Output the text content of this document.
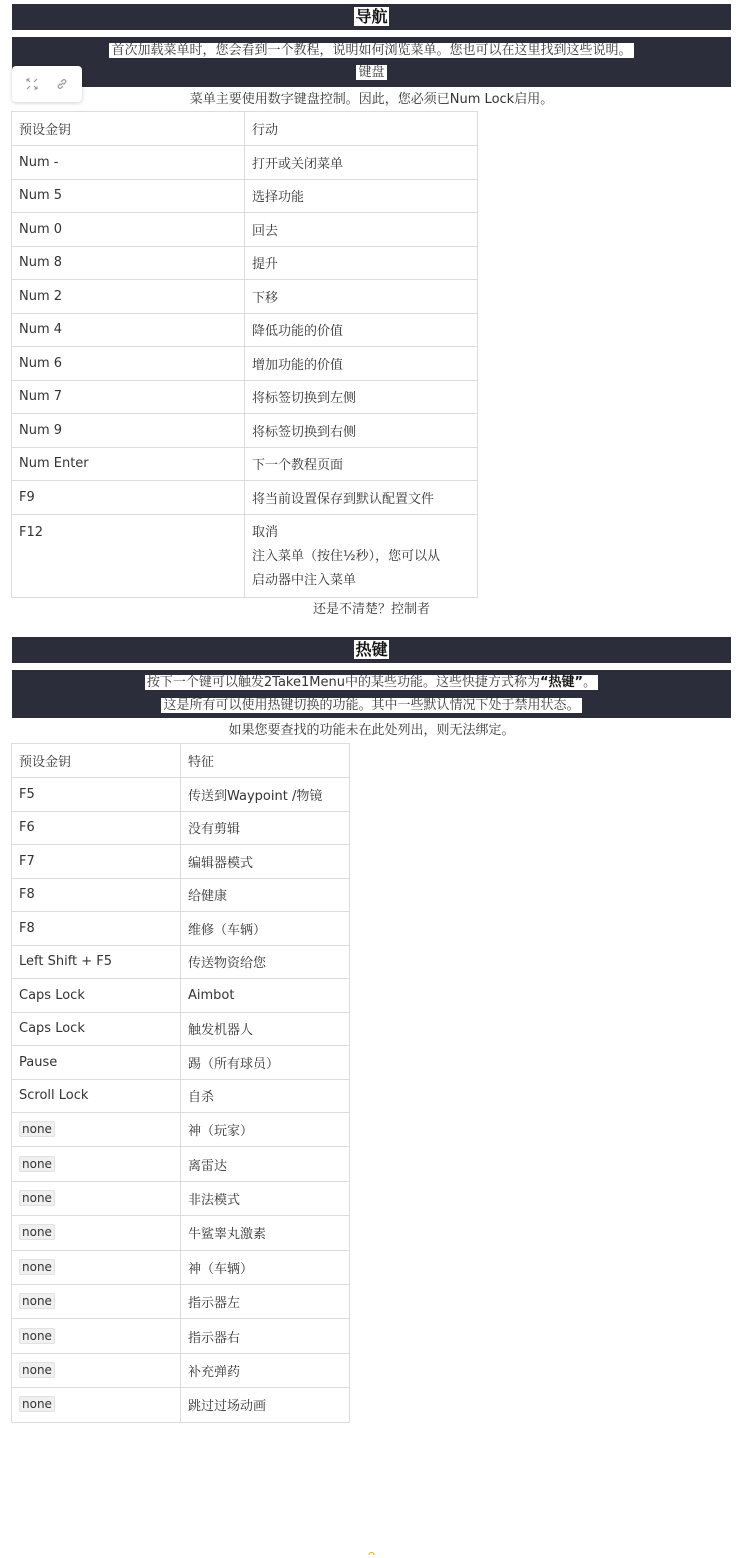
导航
首次加载菜单时，您会看到一个教程，说明如何浏览菜单。您也可以在这里找到这些说明。
键盘
菜单主要使用数字键盘控制。因此，您必须已Num Lock启用。
预设金钥	行动
Num -	打开或关闭菜单
Num 5	选择功能
Num 0	回去
Num 8	提升
Num 2	下移
Num 4	降低功能的价值
Num 6	增加功能的价值
Num 7	将标签切换到左侧
Num 9	将标签切换到右侧
Num Enter	下一个教程页面
F9	将当前设置保存到默认配置文件
F12	取消
注入菜单（按住½秒），您可以从
启动器中注入菜单
还是不清楚？控制者
热键
按下一个键可以触发2Take1Menu中的某些功能。这些快捷方式称为“热键”。
这是所有可以使用热键切换的功能。其中一些默认情况下处于禁用状态。
如果您要查找的功能未在此处列出，则无法绑定。
预设金钥	特征
F5	传送到Waypoint /物镜
F6	没有剪辑
F7	编辑器模式
F8	给健康
F8	维修（车辆）
Left Shift + F5	传送物资给您
Caps Lock	Aimbot
Caps Lock	触发机器人
Pause	踢（所有球员）
Scroll Lock	自杀
none	神（玩家）
none	离雷达
none	非法模式
none	牛鲨睾丸激素
none	神（车辆）
none	指示器左
none	指示器右
none	补充弹药
none	跳过过场动画
